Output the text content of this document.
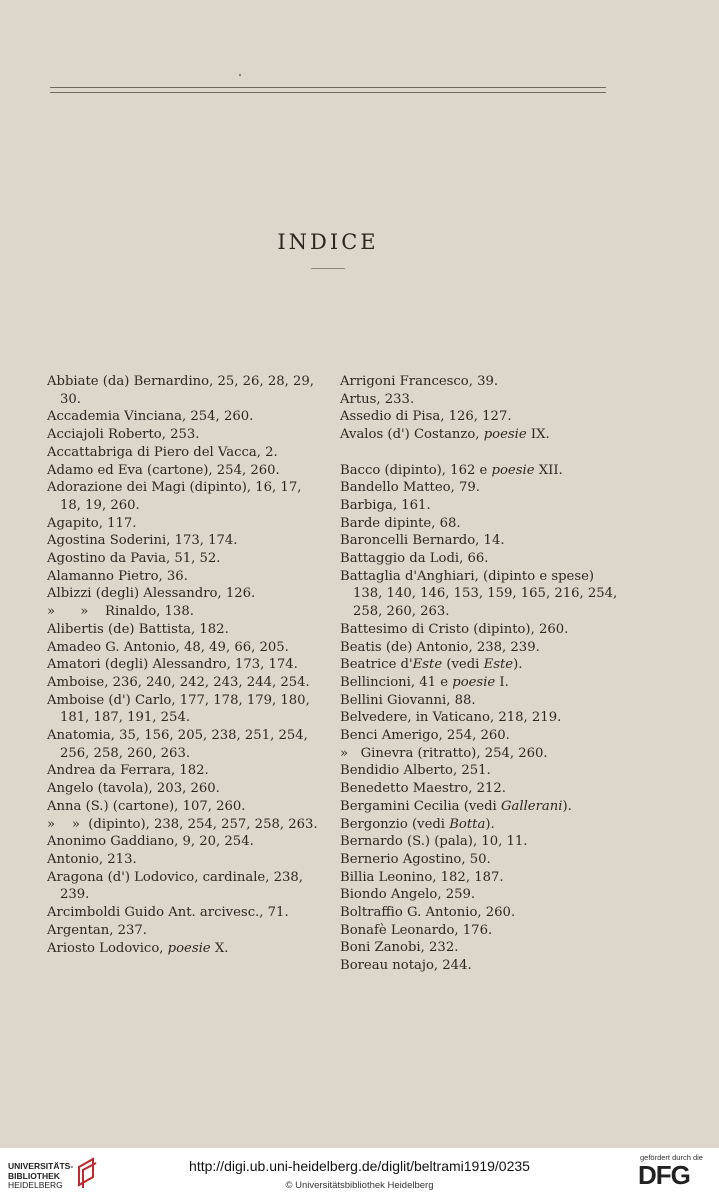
INDICE

Abbiate (da) Bernardino, 25, 26, 28, 29, 30.

Accademia Vinciana, 254, 260.

Acciajoli Roberto, 253.

Accattabriga di Piero del Vacca, 2.

Adamo ed Eva (cartone), 254, 260.

Adorazione dei Magi (dipinto), 16, 17, 18, 19, 260.

Agapito, 117.

Agostina Soderini, 173, 174.

Agostino da Pavia, 51, 52.

Alamanno Pietro, 36.

Albizzi (degli) Alessandro, 126.

»      »    Rinaldo, 138.

Alibertis (de) Battista, 182.

Amadeo G. Antonio, 48, 49, 66, 205.

Amatori (degli) Alessandro, 173, 174.

Amboise, 236, 240, 242, 243, 244, 254.

Amboise (d') Carlo, 177, 178, 179, 180, 181, 187, 191, 254.

Anatomia, 35, 156, 205, 238, 251, 254, 256, 258, 260, 263.

Andrea da Ferrara, 182.

Angelo (tavola), 203, 260.

Anna (S.) (cartone), 107, 260.

»    »  (dipinto), 238, 254, 257, 258, 263.

Anonimo Gaddiano, 9, 20, 254.

Antonio, 213.

Aragona (d') Lodovico, cardinale, 238, 239.

Arcimboldi Guido Ant. arcivesc., 71.

Argentan, 237.

Ariosto Lodovico, poesie X.

Arrigoni Francesco, 39.

Artus, 233.

Assedio di Pisa, 126, 127.

Avalos (d') Costanzo, poesie IX.

Bacco (dipinto), 162 e poesie XII.

Bandello Matteo, 79.

Barbiga, 161.

Barde dipinte, 68.

Baroncelli Bernardo, 14.

Battaggio da Lodi, 66.

Battaglia d'Anghiari, (dipinto e spese) 138, 140, 146, 153, 159, 165, 216, 254, 258, 260, 263.

Battesimo di Cristo (dipinto), 260.

Beatis (de) Antonio, 238, 239.

Beatrice d'Este (vedi Este).

Bellincioni, 41 e poesie I.

Bellini Giovanni, 88.

Belvedere, in Vaticano, 218, 219.

Benci Amerigo, 254, 260.

»   Ginevra (ritratto), 254, 260.

Bendidio Alberto, 251.

Benedetto Maestro, 212.

Bergamini Cecilia (vedi Gallerani).

Bergonzio (vedi Botta).

Bernardo (S.) (pala), 10, 11.

Bernerio Agostino, 50.

Billia Leonino, 182, 187.

Biondo Angelo, 259.

Boltraffio G. Antonio, 260.

Bonafè Leonardo, 176.

Boni Zanobi, 232.

Boreau notajo, 244.

UNIVERSITÄTS-
BIBLIOTHEK
HEIDELBERG
http://digi.ub.uni-heidelberg.de/diglit/beltrami1919/0235
© Universitätsbibliothek Heidelberg
gefördert durch die
DFG
